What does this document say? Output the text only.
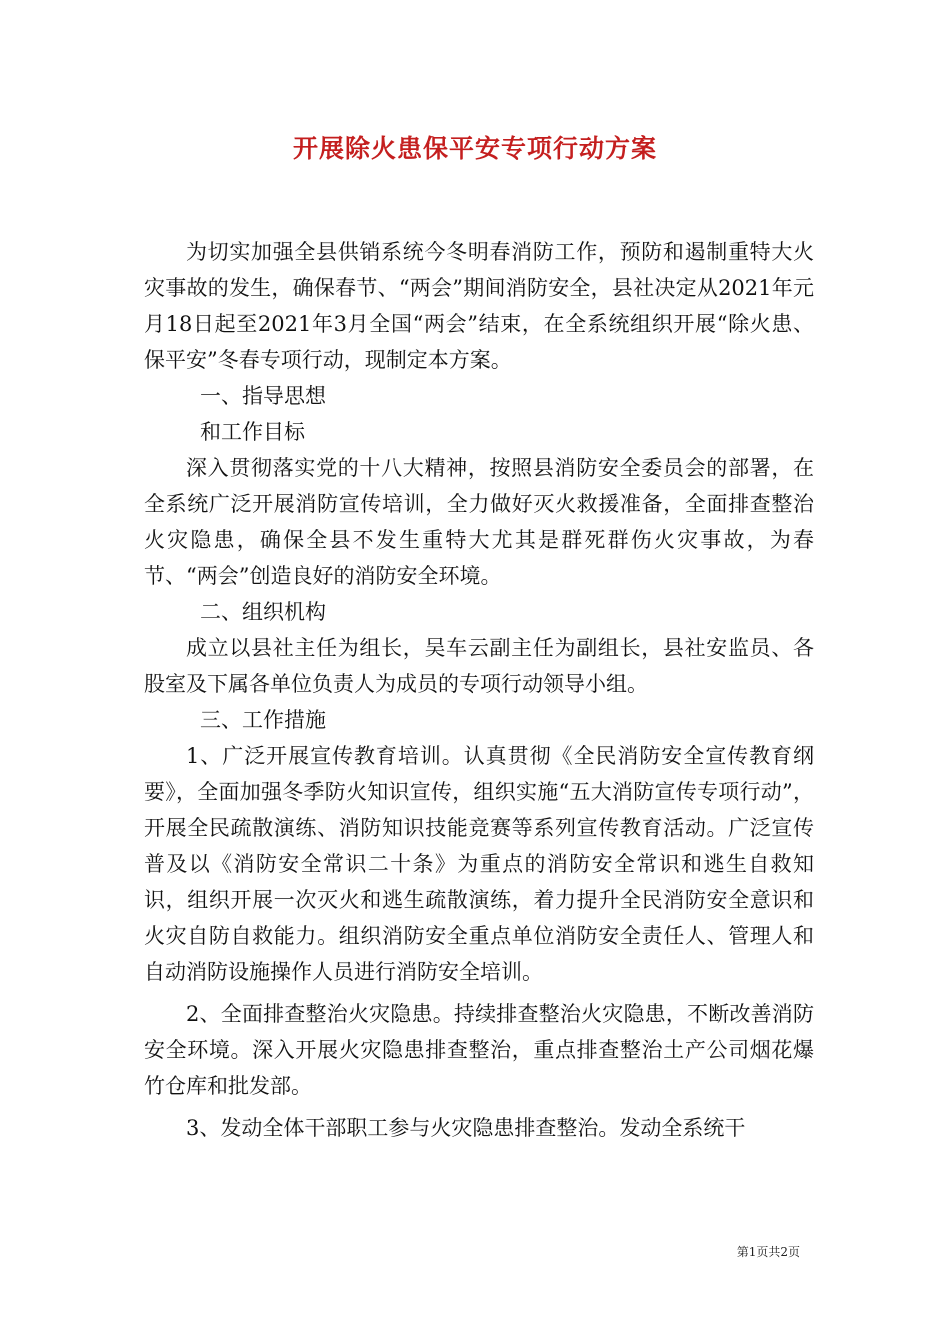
开展除火患保平安专项行动方案

为切实加强全县供销系统今冬明春消防工作，预防和遏制重特大火灾事故的发生，确保春节、“两会”期间消防安全，县社决定从2021年元月18日起至2021年3月全国“两会”结束，在全系统组织开展“除火患、保平安”冬春专项行动，现制定本方案。

一、指导思想

和工作目标

深入贯彻落实党的十八大精神，按照县消防安全委员会的部署，在全系统广泛开展消防宣传培训，全力做好灭火救援准备，全面排查整治火灾隐患，确保全县不发生重特大尤其是群死群伤火灾事故，为春节、“两会”创造良好的消防安全环境。

二、组织机构

成立以县社主任为组长，吴车云副主任为副组长，县社安监员、各股室及下属各单位负责人为成员的专项行动领导小组。

三、工作措施

1、广泛开展宣传教育培训。认真贯彻《全民消防安全宣传教育纲要》，全面加强冬季防火知识宣传，组织实施“五大消防宣传专项行动”，开展全民疏散演练、消防知识技能竞赛等系列宣传教育活动。广泛宣传普及以《消防安全常识二十条》为重点的消防安全常识和逃生自救知识，组织开展一次灭火和逃生疏散演练，着力提升全民消防安全意识和火灾自防自救能力。组织消防安全重点单位消防安全责任人、管理人和自动消防设施操作人员进行消防安全培训。

2、全面排查整治火灾隐患。持续排查整治火灾隐患，不断改善消防安全环境。深入开展火灾隐患排查整治，重点排查整治土产公司烟花爆竹仓库和批发部。

3、发动全体干部职工参与火灾隐患排查整治。发动全系统干

第1页共2页
